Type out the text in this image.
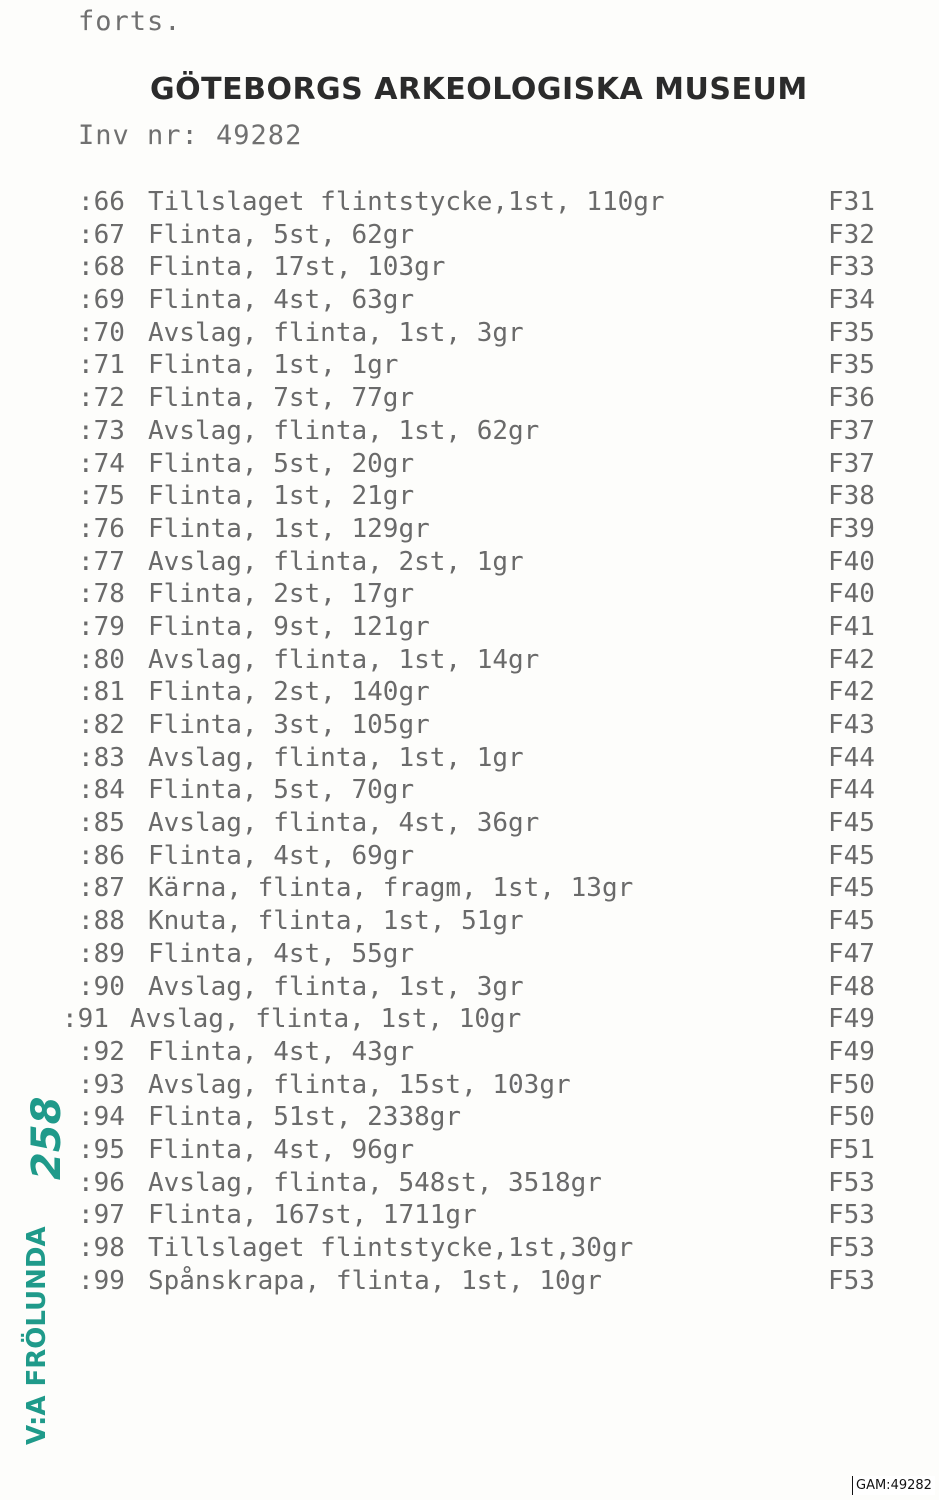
forts.
GÖTEBORGS ARKEOLOGISKA MUSEUM
Inv nr: 49282
:66 Tillslaget flintstycke,1st, 110gr	F31
:67 Flinta, 5st, 62gr	F32
:68 Flinta, 17st, 103gr	F33
:69 Flinta, 4st, 63gr	F34
:70 Avslag, flinta, 1st, 3gr	F35
:71 Flinta, 1st, 1gr	F35
:72 Flinta, 7st, 77gr	F36
:73 Avslag, flinta, 1st, 62gr	F37
:74 Flinta, 5st, 20gr	F37
:75 Flinta, 1st, 21gr	F38
:76 Flinta, 1st, 129gr	F39
:77 Avslag, flinta, 2st, 1gr	F40
:78 Flinta, 2st, 17gr	F40
:79 Flinta, 9st, 121gr	F41
:80 Avslag, flinta, 1st, 14gr	F42
:81 Flinta, 2st, 140gr	F42
:82 Flinta, 3st, 105gr	F43
:83 Avslag, flinta, 1st, 1gr	F44
:84 Flinta, 5st, 70gr	F44
:85 Avslag, flinta, 4st, 36gr	F45
:86 Flinta, 4st, 69gr	F45
:87 Kärna, flinta, fragm, 1st, 13gr	F45
:88 Knuta, flinta, 1st, 51gr	F45
:89 Flinta, 4st, 55gr	F47
:90 Avslag, flinta, 1st, 3gr	F48
:91 Avslag, flinta, 1st, 10gr	F49
:92 Flinta, 4st, 43gr	F49
:93 Avslag, flinta, 15st, 103gr	F50
:94 Flinta, 51st, 2338gr	F50
:95 Flinta, 4st, 96gr	F51
:96 Avslag, flinta, 548st, 3518gr	F53
:97 Flinta, 167st, 1711gr	F53
:98 Tillslaget flintstycke,1st,30gr	F53
:99 Spånskrapa, flinta, 1st, 10gr	F53
V:A FRÖLUNDA
258
GAM:49282
